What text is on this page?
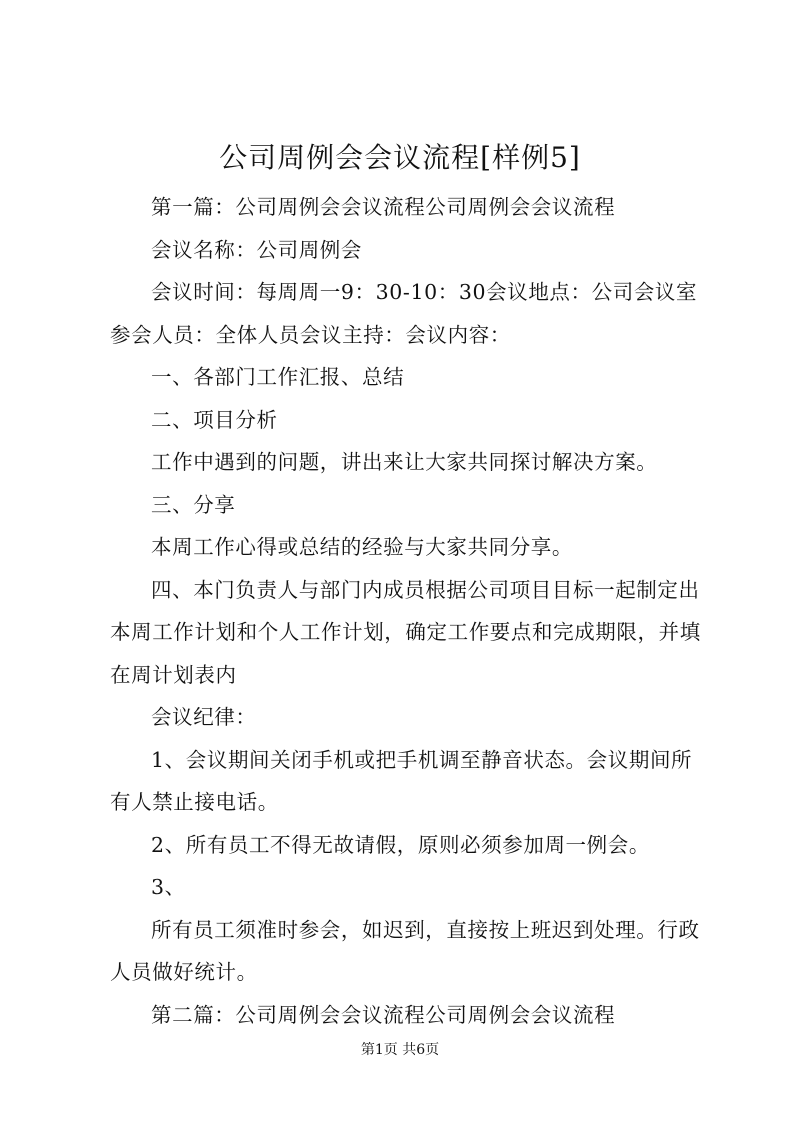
公司周例会会议流程[样例5]

第一篇：公司周例会会议流程公司周例会会议流程

会议名称：公司周例会

会议时间：每周周一9：30-10：30会议地点：公司会议室参会人员：全体人员会议主持：会议内容：

一、各部门工作汇报、总结

二、项目分析

工作中遇到的问题，讲出来让大家共同探讨解决方案。

三、分享

本周工作心得或总结的经验与大家共同分享。

四、本门负责人与部门内成员根据公司项目目标一起制定出本周工作计划和个人工作计划，确定工作要点和完成期限，并填在周计划表内

会议纪律：

1、会议期间关闭手机或把手机调至静音状态。会议期间所有人禁止接电话。

2、所有员工不得无故请假，原则必须参加周一例会。

3、

所有员工须准时参会，如迟到，直接按上班迟到处理。行政人员做好统计。

第二篇：公司周例会会议流程公司周例会会议流程

第1页 共6页
